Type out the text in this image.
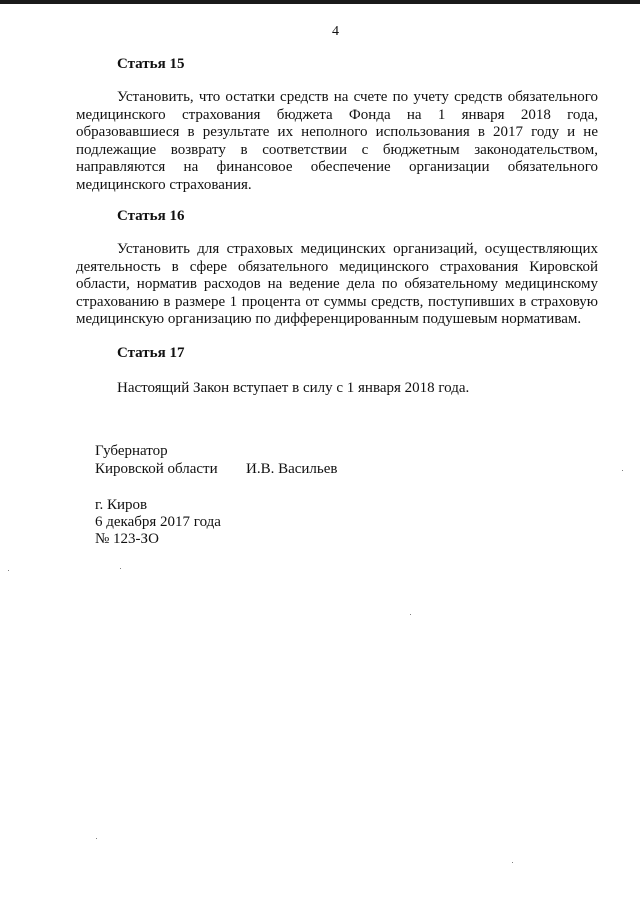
4
Статья 15

Установить, что остатки средств на счете по учету средств обязательного медицинского страхования бюджета Фонда на 1 января 2018 года, образовавшиеся в результате их неполного использования в 2017 году и не подлежащие возврату в соответствии с бюджетным законодательством, направляются на финансовое обеспечение организации обязательного медицинского страхования.

Статья 16

Установить для страховых медицинских организаций, осуществляющих деятельность в сфере обязательного медицинского страхования Кировской области, норматив расходов на ведение дела по обязательному медицинскому страхованию в размере 1 процента от суммы средств, поступивших в страховую медицинскую организацию по дифференцированным подушевым нормативам.

Статья 17
Настоящий Закон вступает в силу с 1 января 2018 года.
Губернатор
Кировской области И.В. Васильев
г. Киров
6 декабря 2017 года
№ 123-ЗО
